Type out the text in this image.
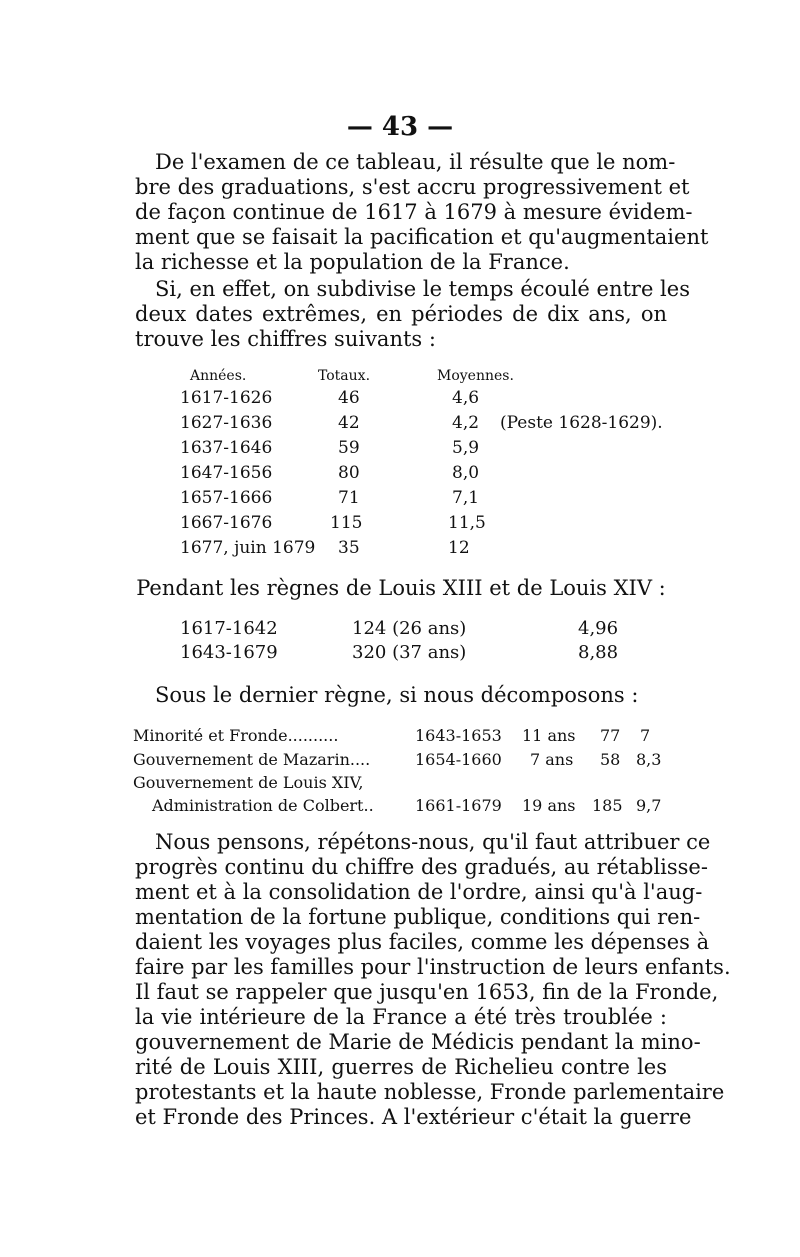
— 43 —
De l'examen de ce tableau, il résulte que le nom-
bre des graduations, s'est accru progressivement et
de façon continue de 1617 à 1679 à mesure évidem-
ment que se faisait la pacification et qu'augmentaient
la richesse et la population de la France.
Si, en effet, on subdivise le temps écoulé entre les
deux dates extrêmes, en périodes de dix ans, on
trouve les chiffres suivants :
Années.	Totaux.	Moyennes.
1617-1626	46	4,6
1627-1636	42	4,2 (Peste 1628-1629).
1637-1646	59	5,9
1647-1656	80	8,0
1657-1666	71	7,1
1667-1676	115	11,5
1677, juin 1679 35	12
Pendant les règnes de Louis XIII et de Louis XIV :
1617-1642	124 (26 ans)	4,96
1643-1679	320 (37 ans)	8,88
Sous le dernier règne, si nous décomposons :
Minorité et Fronde..........	1643-1653 11 ans 77 7
Gouvernement de Mazarin....	1654-1660 7 ans 58 8,3
Gouvernement de Louis XIV,
Administration de Colbert..	1661-1679 19 ans 185 9,7
Nous pensons, répétons-nous, qu'il faut attribuer ce
progrès continu du chiffre des gradués, au rétablisse-
ment et à la consolidation de l'ordre, ainsi qu'à l'aug-
mentation de la fortune publique, conditions qui ren-
daient les voyages plus faciles, comme les dépenses à
faire par les familles pour l'instruction de leurs enfants.
Il faut se rappeler que jusqu'en 1653, fin de la Fronde,
la vie intérieure de la France a été très troublée :
gouvernement de Marie de Médicis pendant la mino-
rité de Louis XIII, guerres de Richelieu contre les
protestants et la haute noblesse, Fronde parlementaire
et Fronde des Princes. A l'extérieur c'était la guerre
